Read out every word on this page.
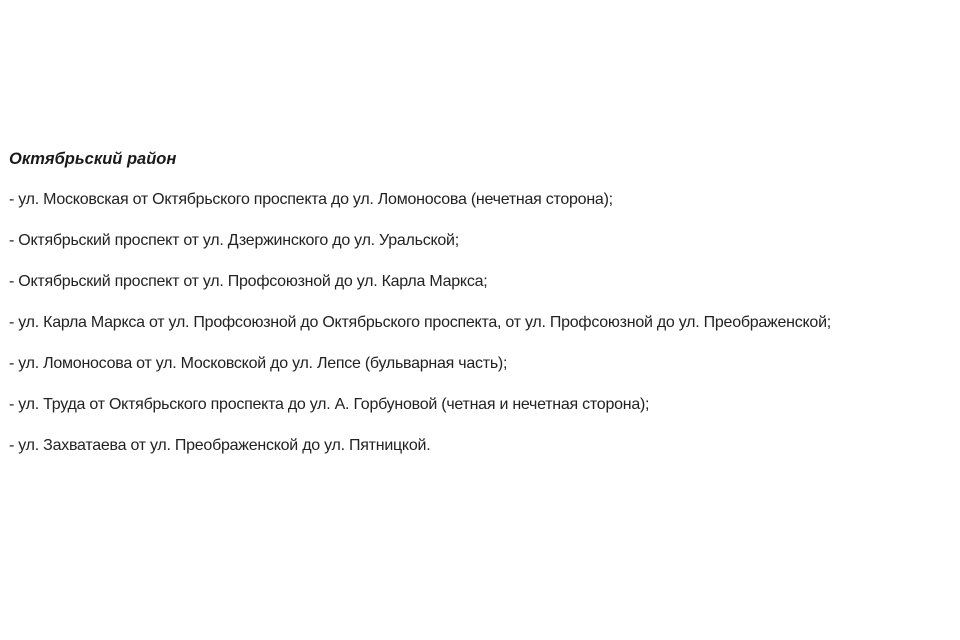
Октябрьский район
- ул. Московская от Октябрьского проспекта до ул. Ломоносова (нечетная сторона);
- Октябрьский проспект от ул. Дзержинского до ул. Уральской;
- Октябрьский проспект от ул. Профсоюзной до ул. Карла Маркса;
- ул. Карла Маркса от ул. Профсоюзной до Октябрьского проспекта, от ул. Профсоюзной до ул. Преображенской;
- ул. Ломоносова от ул. Московской до ул. Лепсе (бульварная часть);
- ул. Труда от Октябрьского проспекта до ул. А. Горбуновой (четная и нечетная сторона);
- ул. Захватаева от ул. Преображенской до ул. Пятницкой.
